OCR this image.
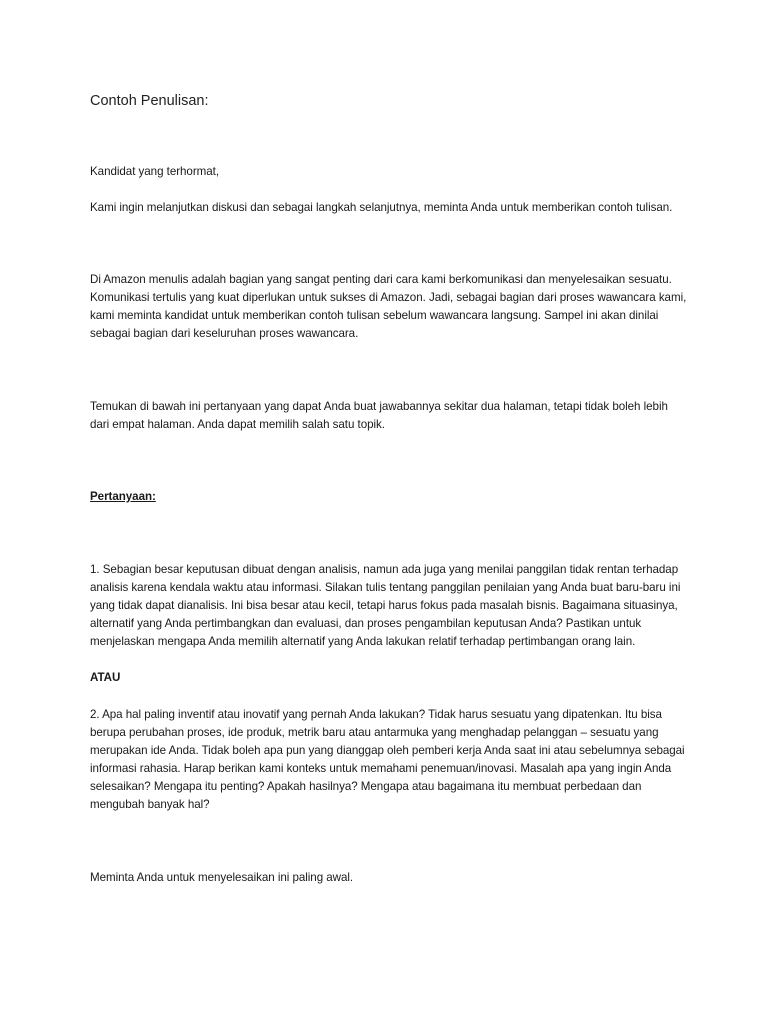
Contoh Penulisan:

Kandidat yang terhormat,

Kami ingin melanjutkan diskusi dan sebagai langkah selanjutnya, meminta Anda untuk memberikan contoh tulisan.

Di Amazon menulis adalah bagian yang sangat penting dari cara kami berkomunikasi dan menyelesaikan sesuatu. Komunikasi tertulis yang kuat diperlukan untuk sukses di Amazon. Jadi, sebagai bagian dari proses wawancara kami, kami meminta kandidat untuk memberikan contoh tulisan sebelum wawancara langsung. Sampel ini akan dinilai sebagai bagian dari keseluruhan proses wawancara.

Temukan di bawah ini pertanyaan yang dapat Anda buat jawabannya sekitar dua halaman, tetapi tidak boleh lebih dari empat halaman. Anda dapat memilih salah satu topik.

Pertanyaan:

1. Sebagian besar keputusan dibuat dengan analisis, namun ada juga yang menilai panggilan tidak rentan terhadap analisis karena kendala waktu atau informasi. Silakan tulis tentang panggilan penilaian yang Anda buat baru-baru ini yang tidak dapat dianalisis. Ini bisa besar atau kecil, tetapi harus fokus pada masalah bisnis. Bagaimana situasinya, alternatif yang Anda pertimbangkan dan evaluasi, dan proses pengambilan keputusan Anda? Pastikan untuk menjelaskan mengapa Anda memilih alternatif yang Anda lakukan relatif terhadap pertimbangan orang lain.

ATAU

2. Apa hal paling inventif atau inovatif yang pernah Anda lakukan? Tidak harus sesuatu yang dipatenkan. Itu bisa berupa perubahan proses, ide produk, metrik baru atau antarmuka yang menghadap pelanggan – sesuatu yang merupakan ide Anda. Tidak boleh apa pun yang dianggap oleh pemberi kerja Anda saat ini atau sebelumnya sebagai informasi rahasia. Harap berikan kami konteks untuk memahami penemuan/inovasi. Masalah apa yang ingin Anda selesaikan? Mengapa itu penting? Apakah hasilnya? Mengapa atau bagaimana itu membuat perbedaan dan mengubah banyak hal?

Meminta Anda untuk menyelesaikan ini paling awal.
